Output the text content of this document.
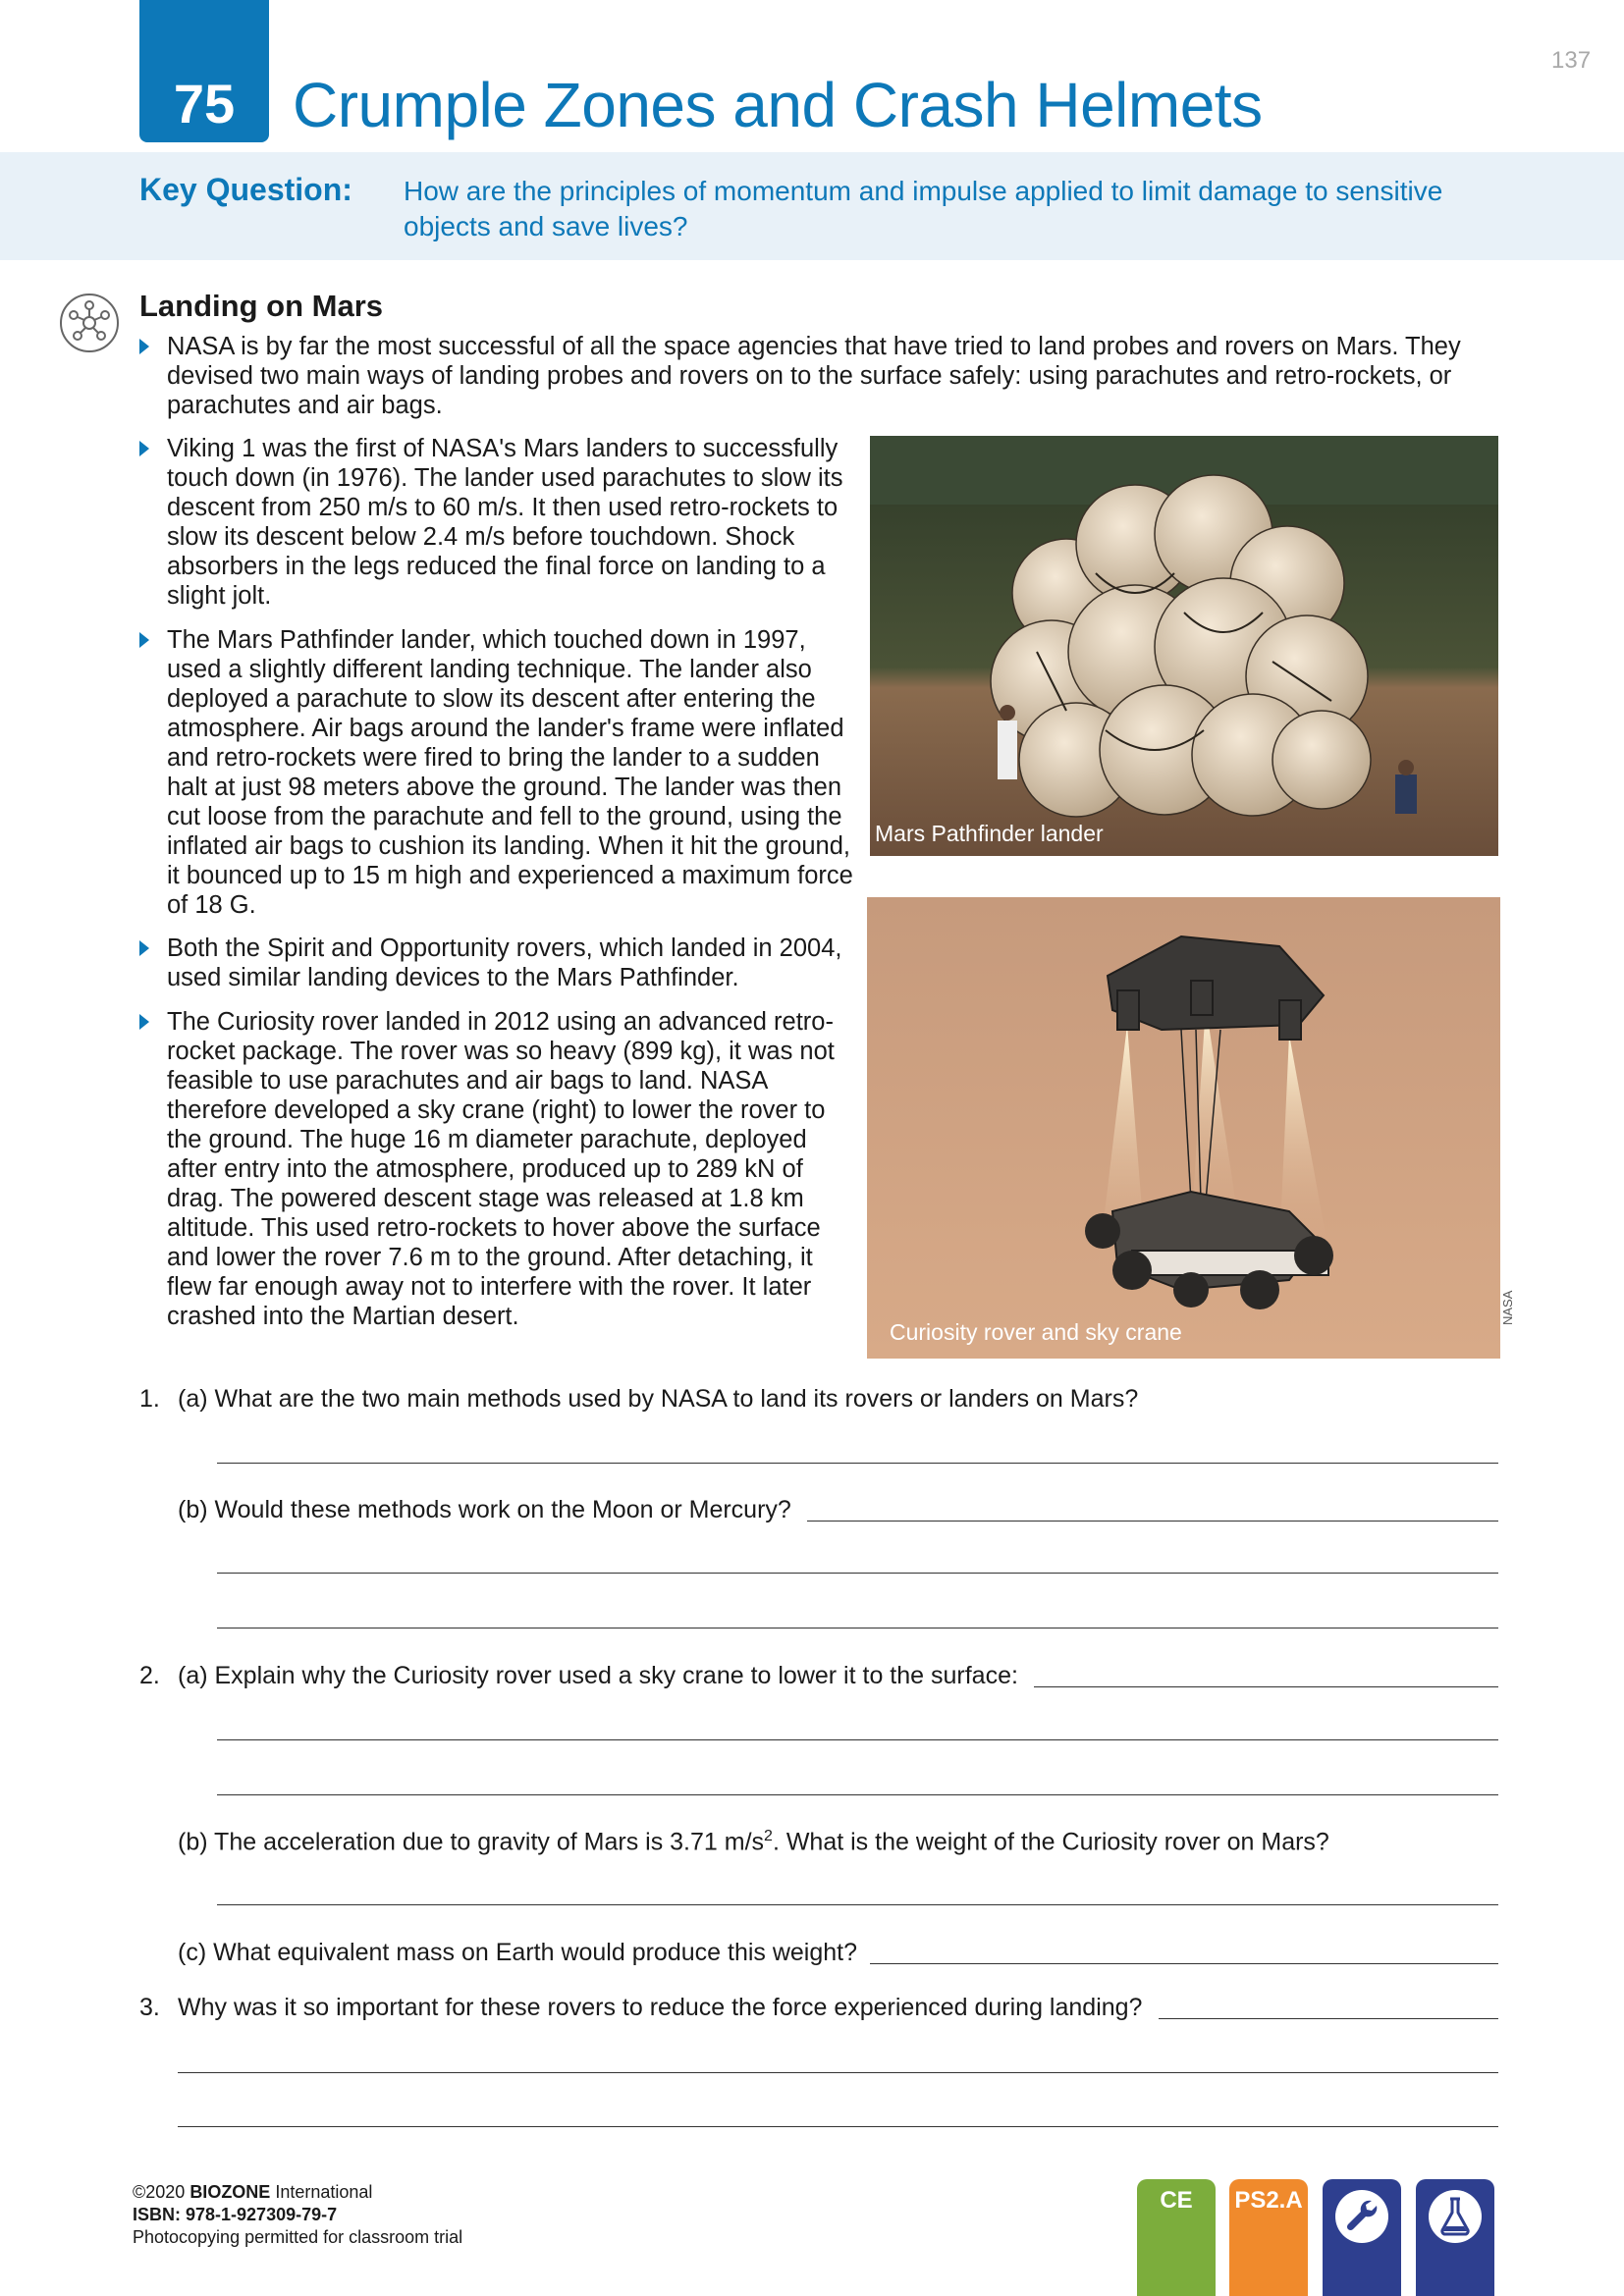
137
75 Crumple Zones and Crash Helmets
Key Question: How are the principles of momentum and impulse applied to limit damage to sensitive objects and save lives?
Landing on Mars
NASA is by far the most successful of all the space agencies that have tried to land probes and rovers on Mars. They devised two main ways of landing probes and rovers on to the surface safely: using parachutes and retro-rockets, or parachutes and air bags.
Viking 1 was the first of NASA's Mars landers to successfully touch down (in 1976). The lander used parachutes to slow its descent from 250 m/s to 60 m/s. It then used retro-rockets to slow its descent below 2.4 m/s before touchdown. Shock absorbers in the legs reduced the final force on landing to a slight jolt.
The Mars Pathfinder lander, which touched down in 1997, used a slightly different landing technique. The lander also deployed a parachute to slow its descent after entering the atmosphere. Air bags around the lander's frame were inflated and retro-rockets were fired to bring the lander to a sudden halt at just 98 meters above the ground. The lander was then cut loose from the parachute and fell to the ground, using the inflated air bags to cushion its landing. When it hit the ground, it bounced up to 15 m high and experienced a maximum force of 18 G.
Both the Spirit and Opportunity rovers, which landed in 2004, used similar landing devices to the Mars Pathfinder.
The Curiosity rover landed in 2012 using an advanced retro-rocket package. The rover was so heavy (899 kg), it was not feasible to use parachutes and air bags to land. NASA therefore developed a sky crane (right) to lower the rover to the ground. The huge 16 m diameter parachute, deployed after entry into the atmosphere, produced up to 289 kN of drag. The powered descent stage was released at 1.8 km altitude. This used retro-rockets to hover above the surface and lower the rover 7.6 m to the ground. After detaching, it flew far enough away not to interfere with the rover. It later crashed into the Martian desert.
Mars Pathfinder lander
Curiosity rover and sky crane
NASA
1. (a) What are the two main methods used by NASA to land its rovers or landers on Mars?
(b) Would these methods work on the Moon or Mercury?
2. (a) Explain why the Curiosity rover used a sky crane to lower it to the surface:
(b) The acceleration due to gravity of Mars is 3.71 $m/s^2$. What is the weight of the Curiosity rover on Mars?
(c) What equivalent mass on Earth would produce this weight?
3. Why was it so important for these rovers to reduce the force experienced during landing?
©2020 BIOZONE International
ISBN: 978-1-927309-79-7
Photocopying permitted for classroom trial
CE	PS2.A
